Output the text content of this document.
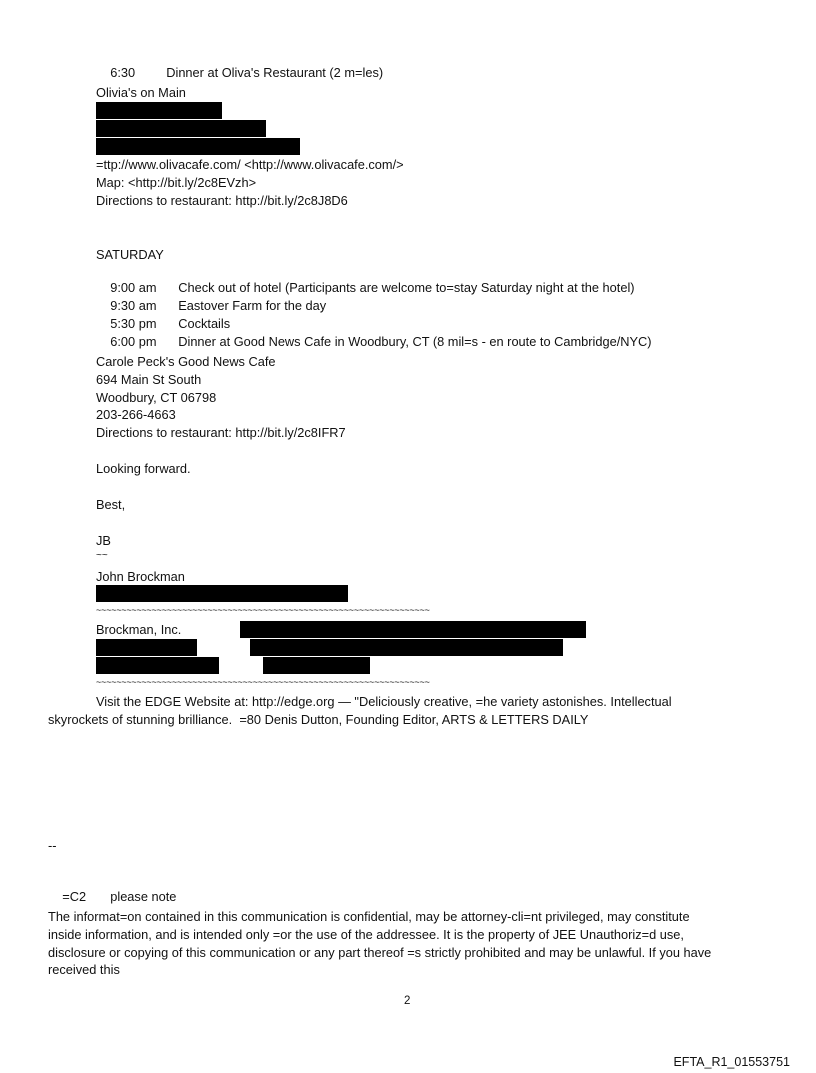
6:30 Dinner at Oliva's Restaurant (2 m=les)

Olivia's on Main
=ttp://www.olivacafe.com/ <http://www.olivacafe.com/>
Map: <http://bit.ly/2c8EVzh>
Directions to restaurant: http://bit.ly/2c8J8D6
SATURDAY

9:00 am Check out of hotel (Participants are welcome to=stay Saturday night at the hotel)

9:30 am Eastover Farm for the day

5:30 pm Cocktails

6:00 pm Dinner at Good News Cafe in Woodbury, CT (8 mil=s - en route to Cambridge/NYC)

Carole Peck's Good News Cafe
694 Main St South
Woodbury, CT 06798
203-266-4663
Directions to restaurant: http://bit.ly/2c8IFR7
Looking forward.
Best,
JB
~~
John Brockman
~~~~~~~~~~~~~~~~~~~~~~~~~~~~~~~~~~~~~~~~~~~~~~~~~~~~~~~~~~~~~~~~~~
Brockman, Inc.
~~~~~~~~~~~~~~~~~~~~~~~~~~~~~~~~~~~~~~~~~~~~~~~~~~~~~~~~~~~~~~~~~~
Visit the EDGE Website at: http://edge.org — "Deliciously creative, =he variety astonishes. Intellectual
skyrockets of stunning brilliance.  =80 Denis Dutton, Founding Editor, ARTS & LETTERS DAILY
--

=C2 please note

The informat=on contained in this communication is confidential, may be attorney-cli=nt privileged, may constitute
inside information, and is intended only =or the use of the addressee. It is the property of JEE Unauthoriz=d use,
disclosure or copying of this communication or any part thereof =s strictly prohibited and may be unlawful. If you have
received this
2
EFTA_R1_01553751
